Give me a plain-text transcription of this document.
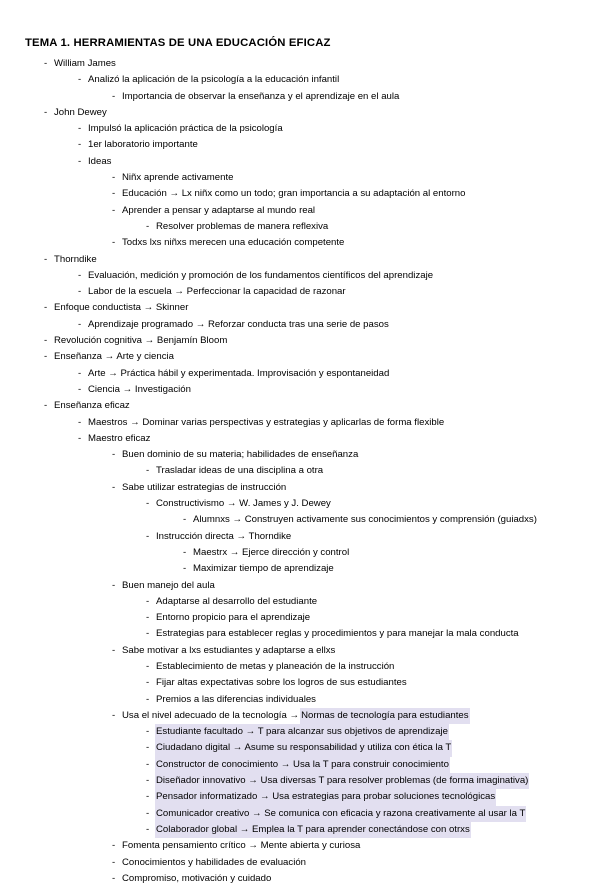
TEMA 1. HERRAMIENTAS DE UNA EDUCACIÓN EFICAZ
- William James
- Analizó la aplicación de la psicología a la educación infantil
- Importancia de observar la enseñanza y el aprendizaje en el aula
- John Dewey
- Impulsó la aplicación práctica de la psicología
- 1er laboratorio importante
- Ideas
- Niñx aprende activamente
- Educación → Lx niñx como un todo; gran importancia a su adaptación al entorno
- Aprender a pensar y adaptarse al mundo real
- Resolver problemas de manera reflexiva
- Todxs lxs niñxs merecen una educación competente
- Thorndike
- Evaluación, medición y promoción de los fundamentos científicos del aprendizaje
- Labor de la escuela → Perfeccionar la capacidad de razonar
- Enfoque conductista → Skinner
- Aprendizaje programado → Reforzar conducta tras una serie de pasos
- Revolución cognitiva → Benjamín Bloom
- Enseñanza → Arte y ciencia
- Arte → Práctica hábil y experimentada. Improvisación y espontaneidad
- Ciencia → Investigación
- Enseñanza eficaz
- Maestros → Dominar varias perspectivas y estrategias y aplicarlas de forma flexible
- Maestro eficaz
- Buen dominio de su materia; habilidades de enseñanza
- Trasladar ideas de una disciplina a otra
- Sabe utilizar estrategias de instrucción
- Constructivismo → W. James y J. Dewey
- Alumnxs → Construyen activamente sus conocimientos y comprensión (guiadxs)
- Instrucción directa → Thorndike
- Maestrx → Ejerce dirección y control
- Maximizar tiempo de aprendizaje
- Buen manejo del aula
- Adaptarse al desarrollo del estudiante
- Entorno propicio para el aprendizaje
- Estrategias para establecer reglas y procedimientos y para manejar la mala conducta
- Sabe motivar a lxs estudiantes y adaptarse a ellxs
- Establecimiento de metas y planeación de la instrucción
- Fijar altas expectativas sobre los logros de sus estudiantes
- Premios a las diferencias individuales
- Usa el nivel adecuado de la tecnología → Normas de tecnología para estudiantes
- Estudiante facultado → T para alcanzar sus objetivos de aprendizaje
- Ciudadano digital → Asume su responsabilidad y utiliza con ética la T
- Constructor de conocimiento → Usa la T para construir conocimiento
- Diseñador innovativo → Usa diversas T para resolver problemas (de forma imaginativa)
- Pensador informatizado → Usa estrategias para probar soluciones tecnológicas
- Comunicador creativo → Se comunica con eficacia y razona creativamente al usar la T
- Colaborador global → Emplea la T para aprender conectándose con otrxs
- Fomenta pensamiento crítico → Mente abierta y curiosa
- Conocimientos y habilidades de evaluación
- Compromiso, motivación y cuidado
